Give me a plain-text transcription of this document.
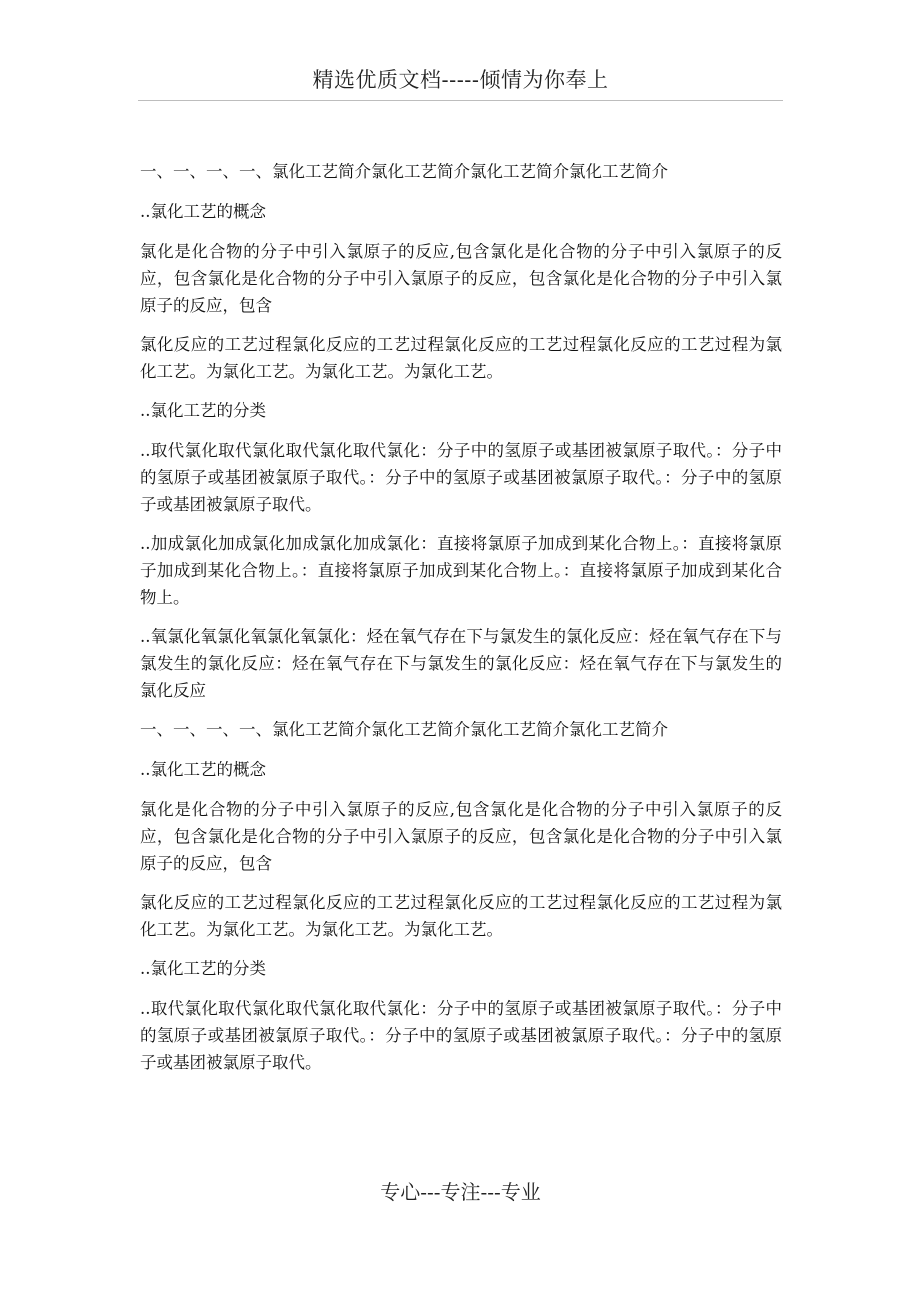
精选优质文档-----倾情为你奉上

一、一、一、一、氯化工艺简介氯化工艺简介氯化工艺简介氯化工艺简介

..氯化工艺的概念

氯化是化合物的分子中引入氯原子的反应,包含氯化是化合物的分子中引入氯原子的反应，包含氯化是化合物的分子中引入氯原子的反应，包含氯化是化合物的分子中引入氯原子的反应，包含

氯化反应的工艺过程氯化反应的工艺过程氯化反应的工艺过程氯化反应的工艺过程为氯化工艺。为氯化工艺。为氯化工艺。为氯化工艺。

..氯化工艺的分类

..取代氯化取代氯化取代氯化取代氯化：分子中的氢原子或基团被氯原子取代。：分子中的氢原子或基团被氯原子取代。：分子中的氢原子或基团被氯原子取代。：分子中的氢原子或基团被氯原子取代。

..加成氯化加成氯化加成氯化加成氯化：直接将氯原子加成到某化合物上。：直接将氯原子加成到某化合物上。：直接将氯原子加成到某化合物上。：直接将氯原子加成到某化合物上。

..氧氯化氧氯化氧氯化氧氯化：烃在氧气存在下与氯发生的氯化反应：烃在氧气存在下与氯发生的氯化反应：烃在氧气存在下与氯发生的氯化反应：烃在氧气存在下与氯发生的氯化反应

一、一、一、一、氯化工艺简介氯化工艺简介氯化工艺简介氯化工艺简介

..氯化工艺的概念

氯化是化合物的分子中引入氯原子的反应,包含氯化是化合物的分子中引入氯原子的反应，包含氯化是化合物的分子中引入氯原子的反应，包含氯化是化合物的分子中引入氯原子的反应，包含

氯化反应的工艺过程氯化反应的工艺过程氯化反应的工艺过程氯化反应的工艺过程为氯化工艺。为氯化工艺。为氯化工艺。为氯化工艺。

..氯化工艺的分类

..取代氯化取代氯化取代氯化取代氯化：分子中的氢原子或基团被氯原子取代。：分子中的氢原子或基团被氯原子取代。：分子中的氢原子或基团被氯原子取代。：分子中的氢原子或基团被氯原子取代。

专心---专注---专业
